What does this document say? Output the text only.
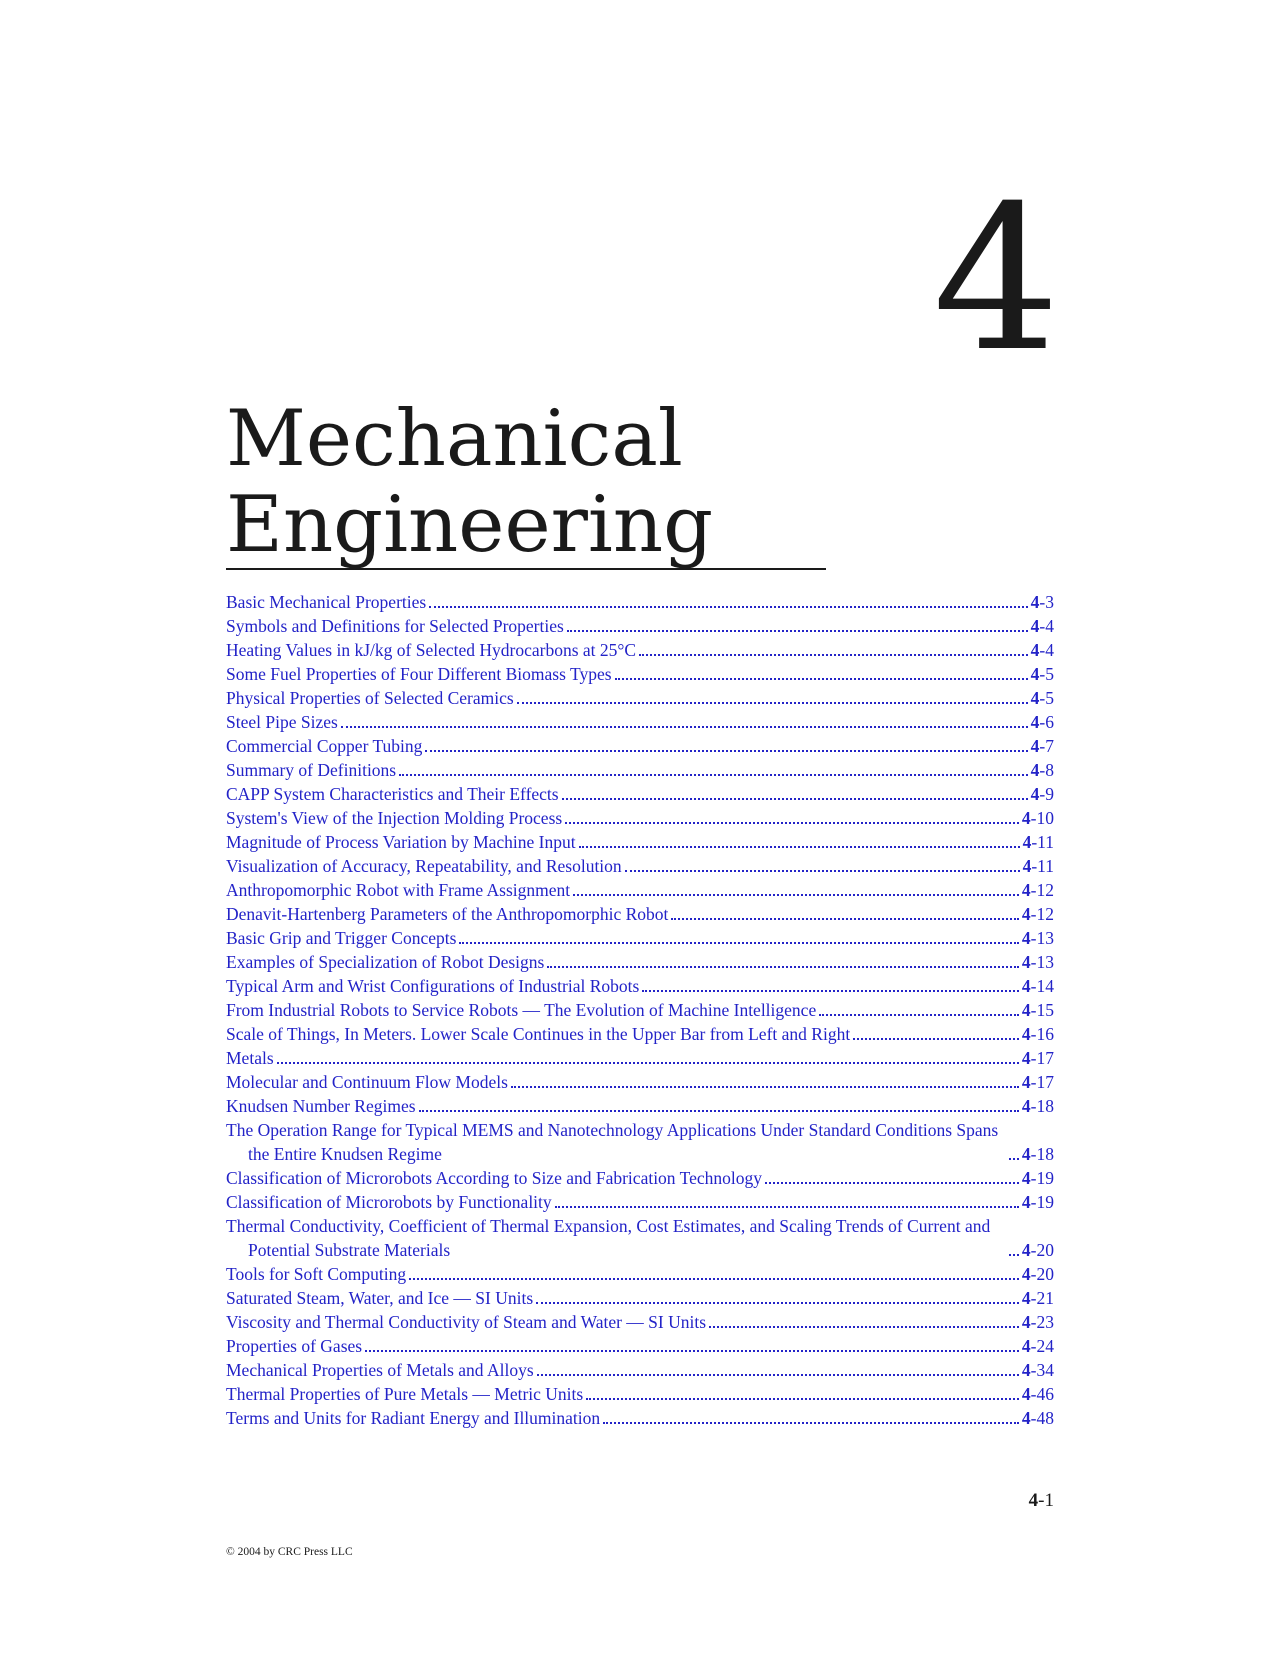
4
Mechanical
Engineering
Basic Mechanical Properties	4-3
Symbols and Definitions for Selected Properties	4-4
Heating Values in kJ/kg of Selected Hydrocarbons at 25°C	4-4
Some Fuel Properties of Four Different Biomass Types	4-5
Physical Properties of Selected Ceramics	4-5
Steel Pipe Sizes	4-6
Commercial Copper Tubing	4-7
Summary of Definitions	4-8
CAPP System Characteristics and Their Effects	4-9
System's View of the Injection Molding Process	4-10
Magnitude of Process Variation by Machine Input	4-11
Visualization of Accuracy, Repeatability, and Resolution	4-11
Anthropomorphic Robot with Frame Assignment	4-12
Denavit-Hartenberg Parameters of the Anthropomorphic Robot	4-12
Basic Grip and Trigger Concepts	4-13
Examples of Specialization of Robot Designs	4-13
Typical Arm and Wrist Configurations of Industrial Robots	4-14
From Industrial Robots to Service Robots — The Evolution of Machine Intelligence	4-15
Scale of Things, In Meters. Lower Scale Continues in the Upper Bar from Left and Right	4-16
Metals	4-17
Molecular and Continuum Flow Models	4-17
Knudsen Number Regimes	4-18
The Operation Range for Typical MEMS and Nanotechnology Applications Under Standard Conditions Spans the Entire Knudsen Regime	4-18
Classification of Microrobots According to Size and Fabrication Technology	4-19
Classification of Microrobots by Functionality	4-19
Thermal Conductivity, Coefficient of Thermal Expansion, Cost Estimates, and Scaling Trends of Current and Potential Substrate Materials	4-20
Tools for Soft Computing	4-20
Saturated Steam, Water, and Ice — SI Units	4-21
Viscosity and Thermal Conductivity of Steam and Water — SI Units	4-23
Properties of Gases	4-24
Mechanical Properties of Metals and Alloys	4-34
Thermal Properties of Pure Metals — Metric Units	4-46
Terms and Units for Radiant Energy and Illumination	4-48
4-1
© 2004 by CRC Press LLC
